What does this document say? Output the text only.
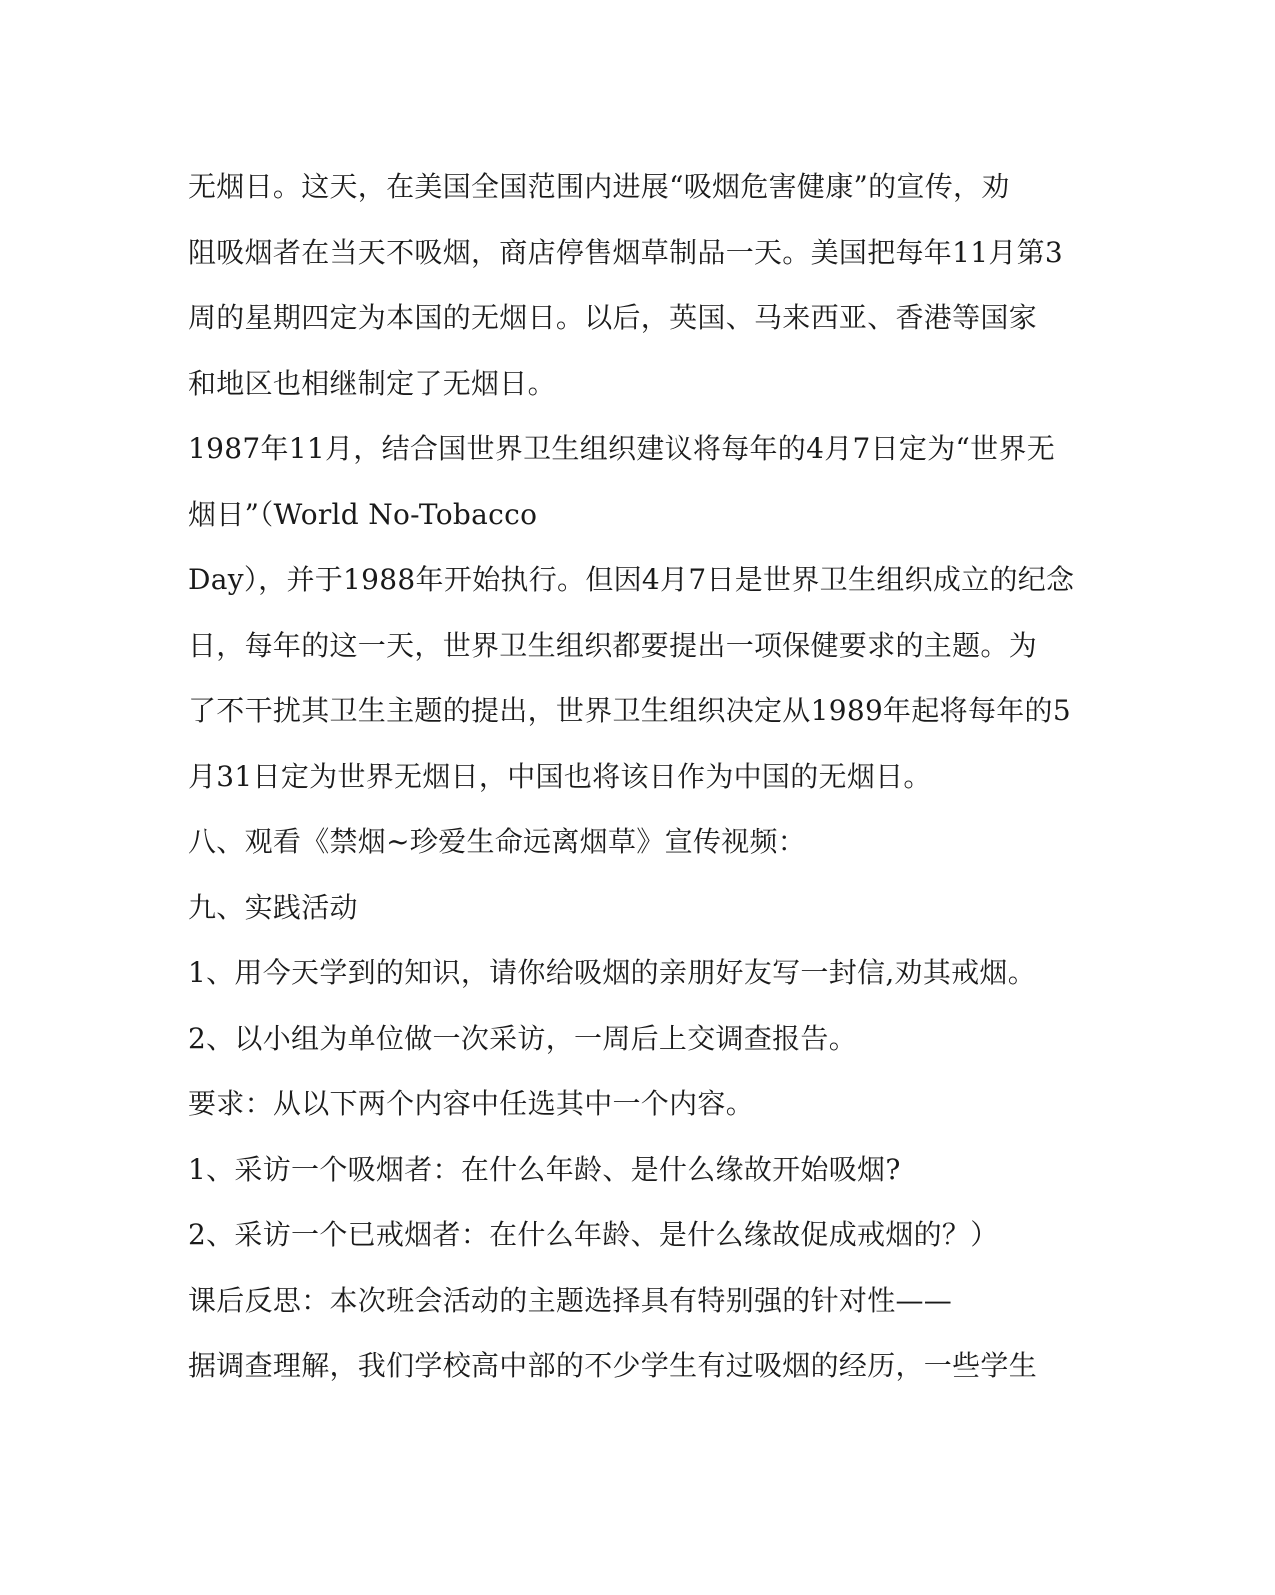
无烟日。这天，在美国全国范围内进展“吸烟危害健康”的宣传，劝
阻吸烟者在当天不吸烟，商店停售烟草制品一天。美国把每年11月第3
周的星期四定为本国的无烟日。以后，英国、马来西亚、香港等国家
和地区也相继制定了无烟日。
1987年11月，结合国世界卫生组织建议将每年的4月7日定为“世界无
烟日”（World No-Tobacco
Day），并于1988年开始执行。但因4月7日是世界卫生组织成立的纪念
日，每年的这一天，世界卫生组织都要提出一项保健要求的主题。为
了不干扰其卫生主题的提出，世界卫生组织决定从1989年起将每年的5
月31日定为世界无烟日，中国也将该日作为中国的无烟日。
八、观看《禁烟~珍爱生命远离烟草》宣传视频：
九、实践活动
1、用今天学到的知识，请你给吸烟的亲朋好友写一封信,劝其戒烟。
2、以小组为单位做一次采访，一周后上交调查报告。
要求：从以下两个内容中任选其中一个内容。
1、采访一个吸烟者：在什么年龄、是什么缘故开始吸烟?
2、采访一个已戒烟者：在什么年龄、是什么缘故促成戒烟的？）
课后反思：本次班会活动的主题选择具有特别强的针对性——
据调查理解，我们学校高中部的不少学生有过吸烟的经历，一些学生
